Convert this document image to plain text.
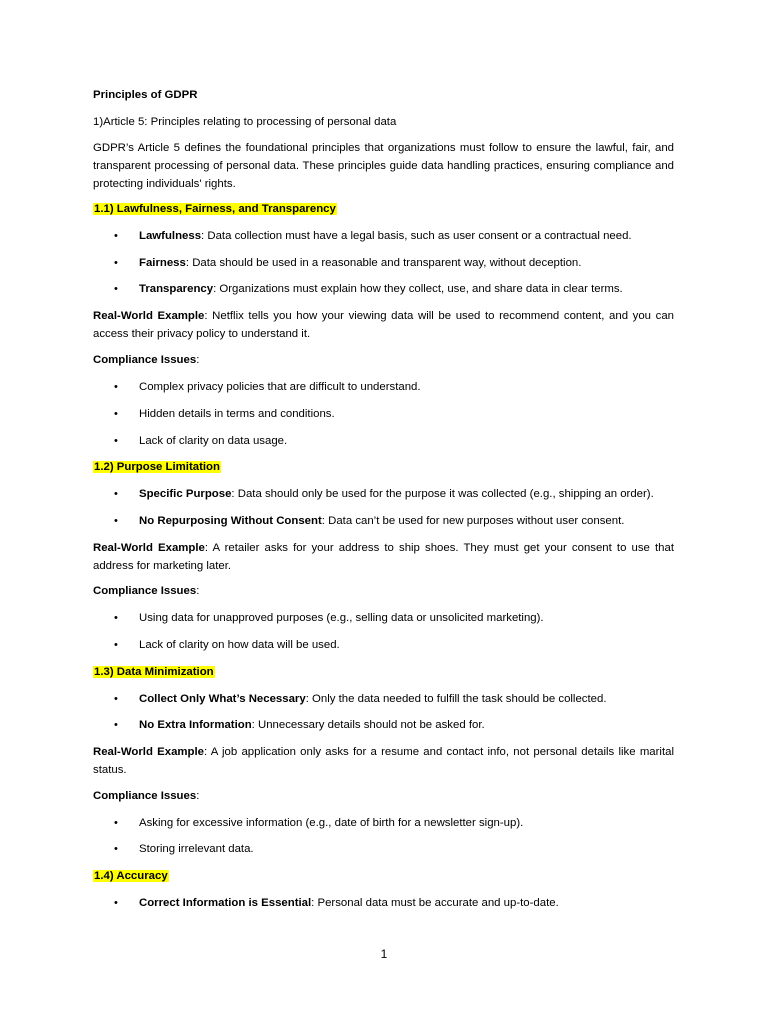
Principles of GDPR
1)Article 5: Principles relating to processing of personal data
GDPR’s Article 5 defines the foundational principles that organizations must follow to ensure the lawful, fair, and transparent processing of personal data. These principles guide data handling practices, ensuring compliance and protecting individuals' rights.
1.1) Lawfulness, Fairness, and Transparency
•	Lawfulness: Data collection must have a legal basis, such as user consent or a contractual need.
•	Fairness: Data should be used in a reasonable and transparent way, without deception.
•	Transparency: Organizations must explain how they collect, use, and share data in clear terms.
Real-World Example: Netflix tells you how your viewing data will be used to recommend content, and you can access their privacy policy to understand it.
Compliance Issues:
•	Complex privacy policies that are difficult to understand.
•	Hidden details in terms and conditions.
•	Lack of clarity on data usage.
1.2) Purpose Limitation
•	Specific Purpose: Data should only be used for the purpose it was collected (e.g., shipping an order).
•	No Repurposing Without Consent: Data can’t be used for new purposes without user consent.
Real-World Example: A retailer asks for your address to ship shoes. They must get your consent to use that address for marketing later.
Compliance Issues:
•	Using data for unapproved purposes (e.g., selling data or unsolicited marketing).
•	Lack of clarity on how data will be used.
1.3) Data Minimization
•	Collect Only What’s Necessary: Only the data needed to fulfill the task should be collected.
•	No Extra Information: Unnecessary details should not be asked for.
Real-World Example: A job application only asks for a resume and contact info, not personal details like marital status.
Compliance Issues:
•	Asking for excessive information (e.g., date of birth for a newsletter sign-up).
•	Storing irrelevant data.
1.4) Accuracy
•	Correct Information is Essential: Personal data must be accurate and up-to-date.
1
